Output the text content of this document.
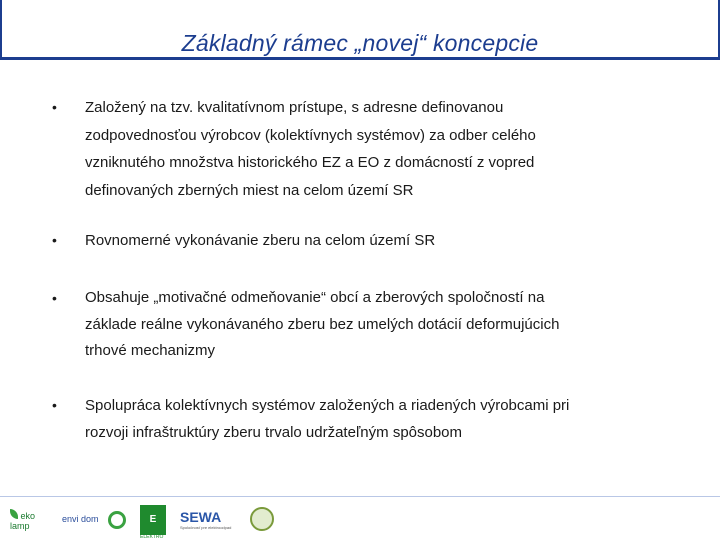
Základný rámec „novej“ koncepcie
• Založený na tzv. kvalitatívnom prístupe, s adresne definovanou
zodpovednosťou výrobcov (kolektívnych systémov) za odber celého
vzniknutého množstva historického EZ a EO z domácností z vopred
definovaných zberných miest na celom území SR
• Rovnomerné vykonávanie zberu na celom území SR
• Obsahuje „motivačné odmeňovanie“ obcí a zberových spoločností na
základe reálne vykonávaného zberu bez umelých dotácií deformujúcich
trhové mechanizmy
• Spolupráca kolektívnych systémov založených a riadených výrobcami pri
rozvoji infraštruktúry zberu trvalo udržateľným spôsobom
eko lamp
envi dom	E
ELEKTRO
SEWA
Spoločnosť pre elektroodpad
